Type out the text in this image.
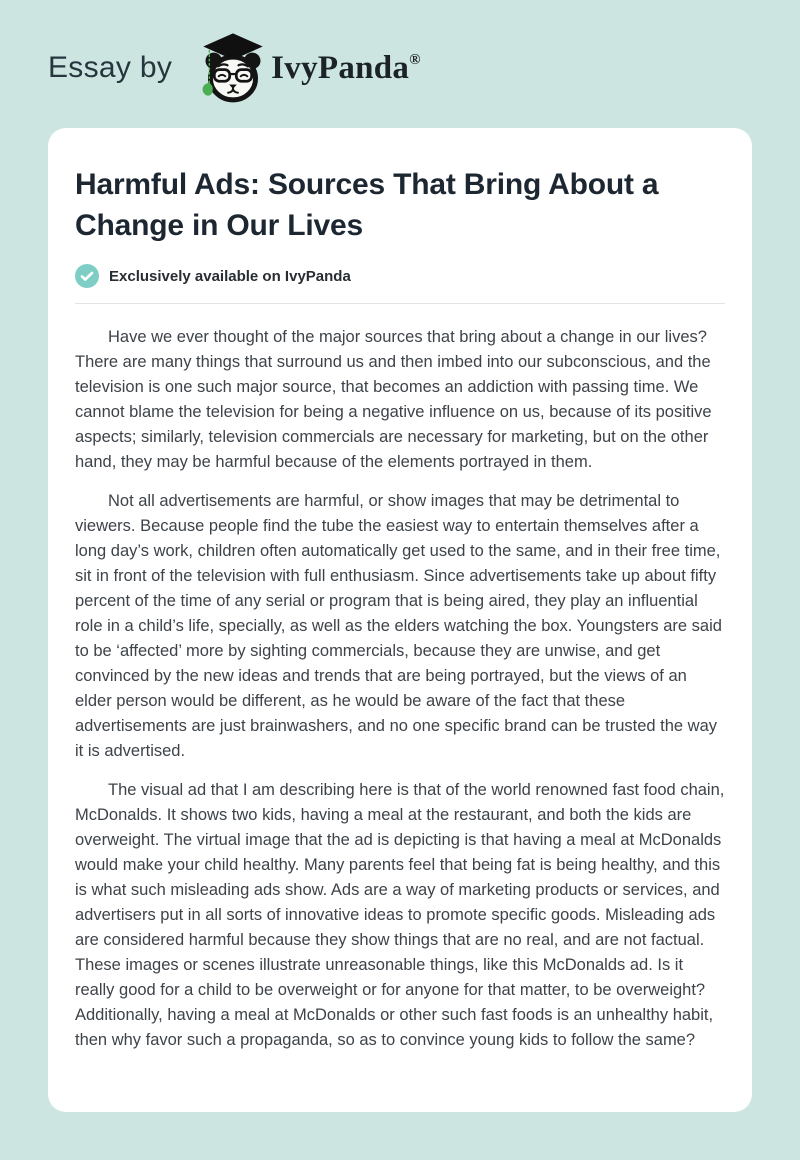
Essay by	IvyPanda®
Harmful Ads: Sources That Bring About a Change in Our Lives
Exclusively available on IvyPanda

Have we ever thought of the major sources that bring about a change in our lives? There are many things that surround us and then imbed into our subconscious, and the television is one such major source, that becomes an addiction with passing time. We cannot blame the television for being a negative influence on us, because of its positive aspects; similarly, television commercials are necessary for marketing, but on the other hand, they may be harmful because of the elements portrayed in them.

Not all advertisements are harmful, or show images that may be detrimental to viewers. Because people find the tube the easiest way to entertain themselves after a long day’s work, children often automatically get used to the same, and in their free time, sit in front of the television with full enthusiasm. Since advertisements take up about fifty percent of the time of any serial or program that is being aired, they play an influential role in a child’s life, specially, as well as the elders watching the box. Youngsters are said to be ‘affected’ more by sighting commercials, because they are unwise, and get convinced by the new ideas and trends that are being portrayed, but the views of an elder person would be different, as he would be aware of the fact that these advertisements are just brainwashers, and no one specific brand can be trusted the way it is advertised.

The visual ad that I am describing here is that of the world renowned fast food chain, McDonalds. It shows two kids, having a meal at the restaurant, and both the kids are overweight. The virtual image that the ad is depicting is that having a meal at McDonalds would make your child healthy. Many parents feel that being fat is being healthy, and this is what such misleading ads show. Ads are a way of marketing products or services, and advertisers put in all sorts of innovative ideas to promote specific goods. Misleading ads are considered harmful because they show things that are no real, and are not factual. These images or scenes illustrate unreasonable things, like this McDonalds ad. Is it really good for a child to be overweight or for anyone for that matter, to be overweight? Additionally, having a meal at McDonalds or other such fast foods is an unhealthy habit, then why favor such a propaganda, so as to convince young kids to follow the same?
